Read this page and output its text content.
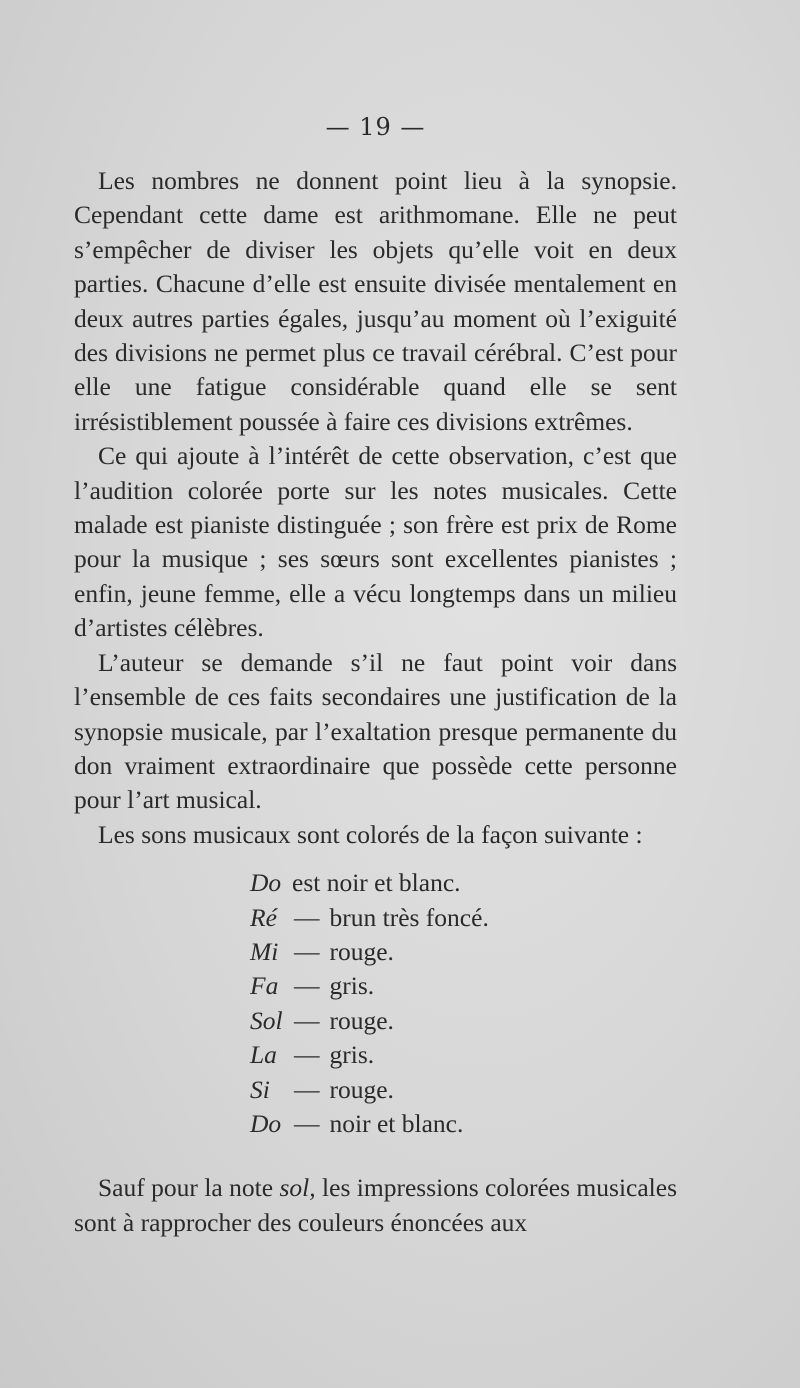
— 19 —

Les nombres ne donnent point lieu à la synopsie. Cependant cette dame est arithmomane. Elle ne peut s’empêcher de diviser les objets qu’elle voit en deux parties. Chacune d’elle est ensuite divisée mentalement en deux autres parties égales, jusqu’au moment où l’exiguité des divisions ne permet plus ce travail cérébral. C’est pour elle une fatigue considérable quand elle se sent irrésistiblement poussée à faire ces divisions extrêmes.

Ce qui ajoute à l’intérêt de cette observation, c’est que l’audition colorée porte sur les notes musicales. Cette malade est pianiste distinguée ; son frère est prix de Rome pour la musique ; ses sœurs sont excellentes pianistes ; enfin, jeune femme, elle a vécu longtemps dans un milieu d’artistes célèbres.

L’auteur se demande s’il ne faut point voir dans l’ensemble de ces faits secondaires une justification de la synopsie musicale, par l’exaltation presque permanente du don vraiment extraordinaire que possède cette personne pour l’art musical.

Les sons musicaux sont colorés de la façon suivante :

Do est noir et blanc.
Ré — brun très foncé.
Mi — rouge.
Fa — gris.
Sol — rouge.
La — gris.
Si — rouge.
Do — noir et blanc.

Sauf pour la note sol, les impressions colorées musicales sont à rapprocher des couleurs énoncées aux
